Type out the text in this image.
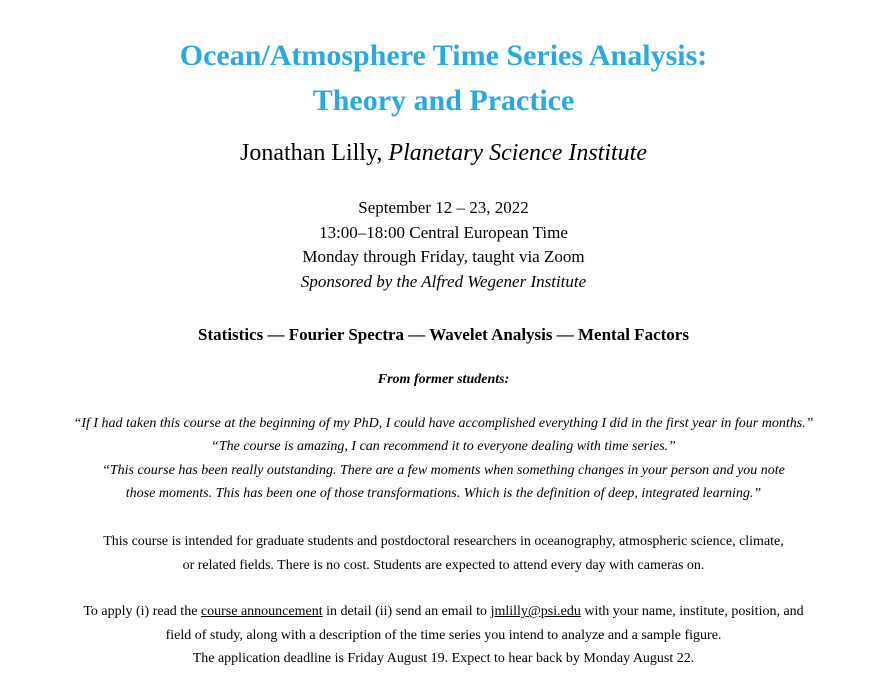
Ocean/Atmosphere Time Series Analysis:
Theory and Practice
Jonathan Lilly, Planetary Science Institute
September 12 – 23, 2022
13:00–18:00 Central European Time
Monday through Friday, taught via Zoom
Sponsored by the Alfred Wegener Institute
Statistics — Fourier Spectra — Wavelet Analysis — Mental Factors
From former students:
“If I had taken this course at the beginning of my PhD, I could have accomplished everything I did in the first year in four months.”
“The course is amazing, I can recommend it to everyone dealing with time series.”
“This course has been really outstanding. There are a few moments when something changes in your person and you note
those moments. This has been one of those transformations. Which is the definition of deep, integrated learning.”
This course is intended for graduate students and postdoctoral researchers in oceanography, atmospheric science, climate,
or related fields. There is no cost. Students are expected to attend every day with cameras on.
To apply (i) read the course announcement in detail (ii) send an email to jmlilly@psi.edu with your name, institute, position, and
field of study, along with a description of the time series you intend to analyze and a sample figure.
The application deadline is Friday August 19. Expect to hear back by Monday August 22.
